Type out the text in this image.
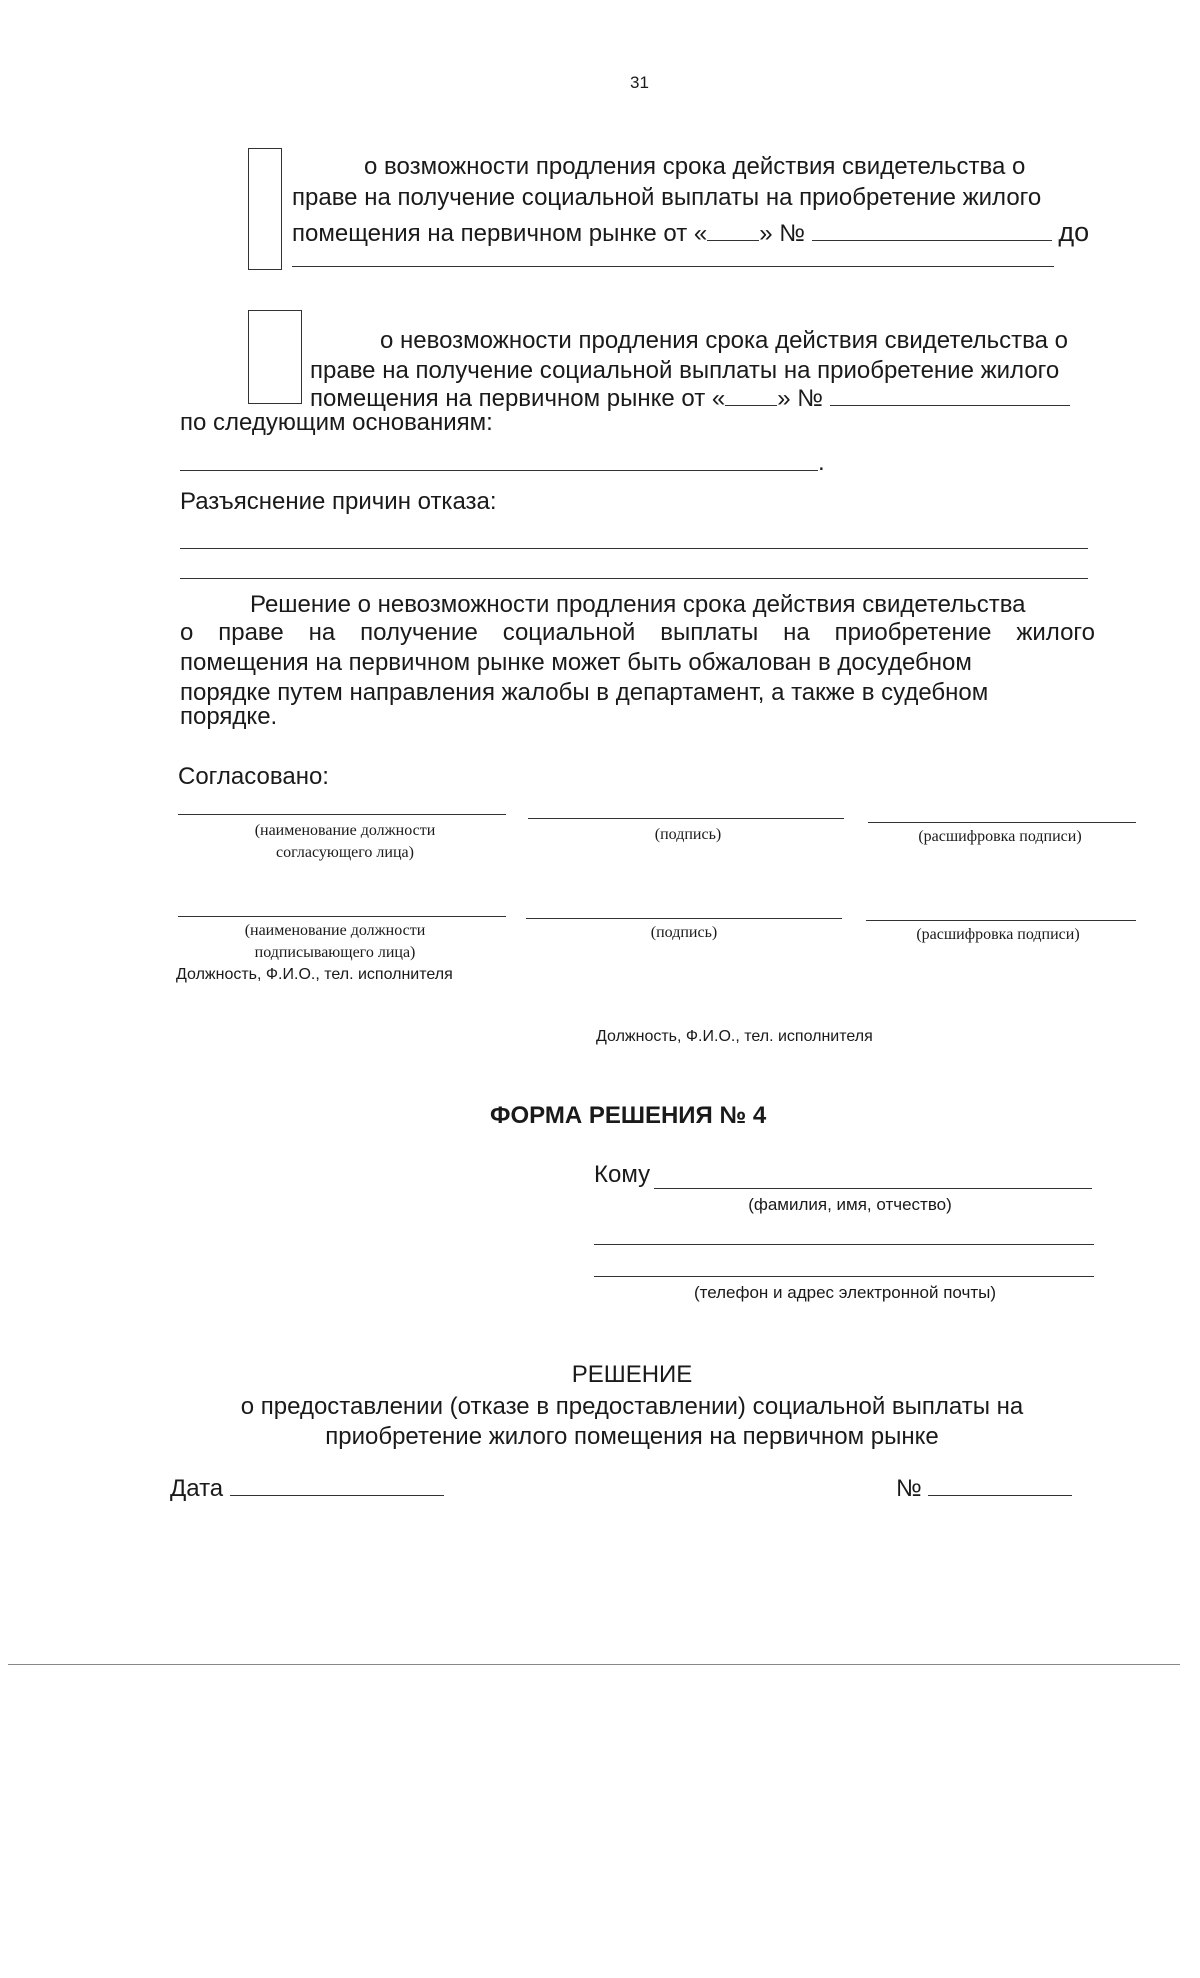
31
о возможности продления срока действия свидетельства о
праве на получение социальной выплаты на приобретение жилого
помещения на первичном рынке от « » №	до
о невозможности продления срока действия свидетельства о
праве на получение социальной выплаты на приобретение жилого
помещения на первичном рынке от « » №
по следующим основаниям:
.
Разъяснение причин отказа:
Решение о невозможности продления срока действия свидетельства
о праве на получение социальной выплаты на приобретение жилого
помещения на первичном рынке может быть обжалован в досудебном
порядке путем направления жалобы в департамент, а также в судебном
порядке.
Согласовано:
(наименование должности
согласующего лица)
(подпись)	(расшифровка подписи)
(наименование должности
подписывающего лица)
Должность, Ф.И.О., тел. исполнителя
(подпись)	(расшифровка подписи)
Должность, Ф.И.О., тел. исполнителя
ФОРМА РЕШЕНИЯ № 4
Кому
(фамилия, имя, отчество)
(телефон и адрес электронной почты)
РЕШЕНИЕ
о предоставлении (отказе в предоставлении) социальной выплаты на
приобретение жилого помещения на первичном рынке
Дата	№
